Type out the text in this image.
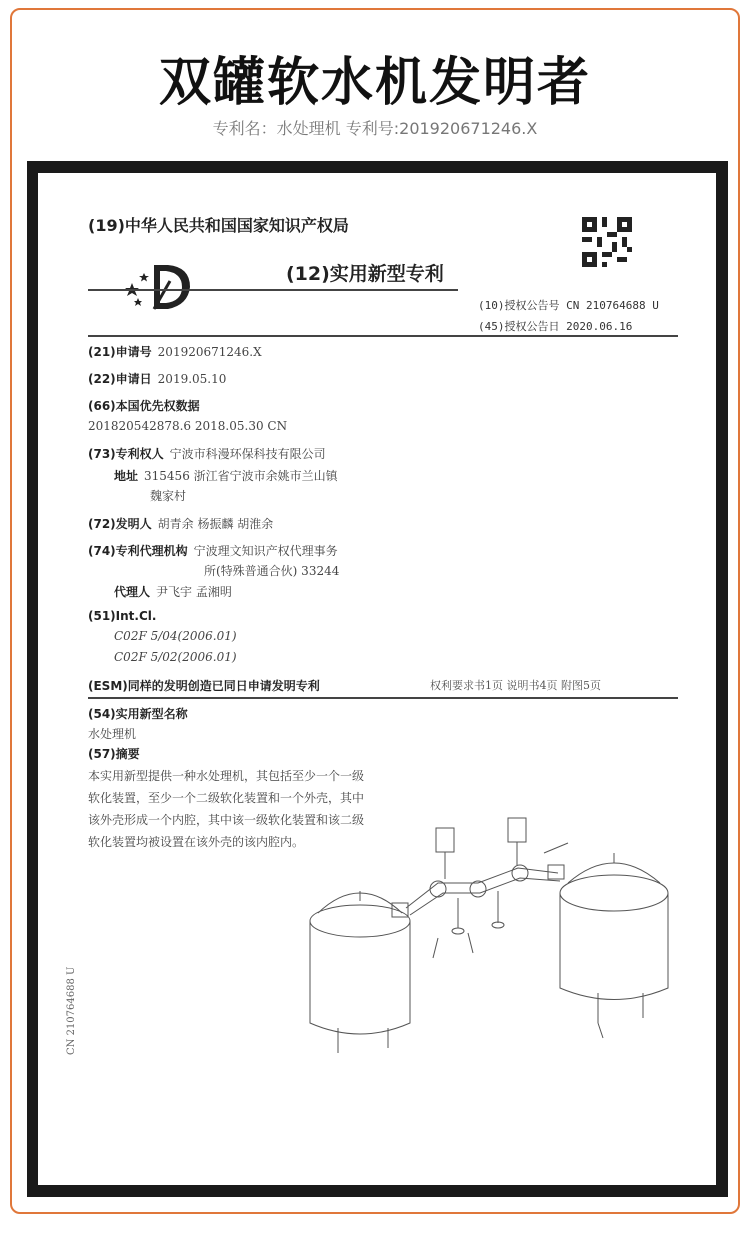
双罐软水机发明者
专利名：水处理机 专利号:201920671246.X
(19)中华人民共和国国家知识产权局
(12)实用新型专利
(10)授权公告号 CN 210764688 U
(45)授权公告日 2020.06.16
(21)申请号 201920671246.X
(22)申请日 2019.05.10
(66)本国优先权数据
201820542878.6 2018.05.30 CN
(73)专利权人 宁波市科漫环保科技有限公司
地址 315456 浙江省宁波市余姚市兰山镇
魏家村
(72)发明人 胡青余 杨振麟 胡淮余
(74)专利代理机构 宁波理文知识产权代理事务
所(特殊普通合伙) 33244
代理人 尹飞宇 孟湘明
(51)Int.Cl.
C02F 5/04(2006.01)
C02F 5/02(2006.01)
(ESM)同样的发明创造已同日申请发明专利	权利要求书1页 说明书4页 附图5页
(54)实用新型名称
水处理机
(57)摘要
本实用新型提供一种水处理机，其包括至少一个一级软化装置，至少一个二级软化装置和一个外壳，其中该外壳形成一个内腔，其中该一级软化装置和该二级软化装置均被设置在该外壳的该内腔内。
CN 210764688 U
